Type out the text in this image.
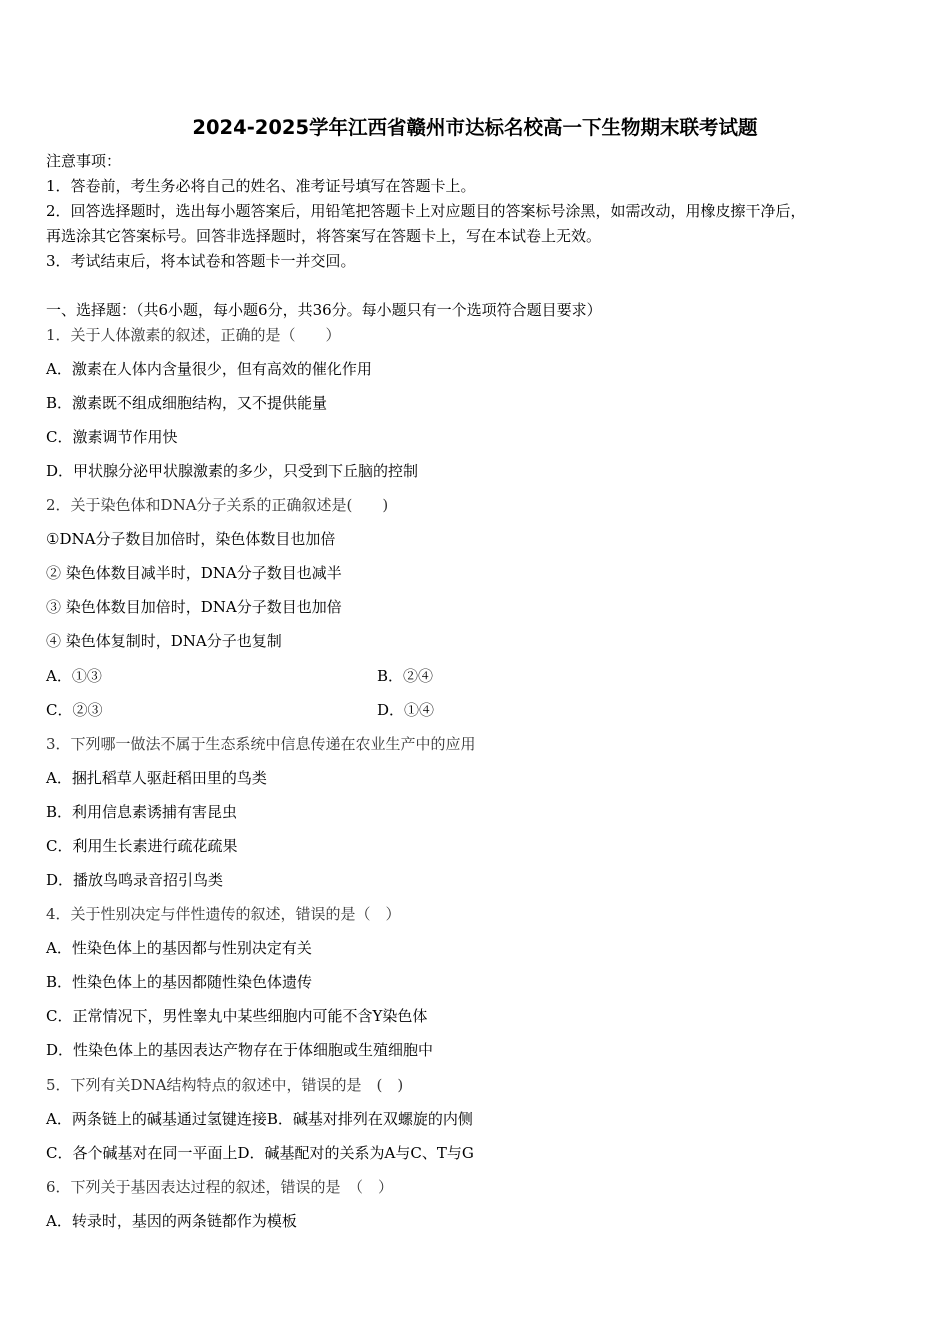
2024-2025学年江西省赣州市达标名校高一下生物期末联考试题
注意事项：
1．答卷前，考生务必将自己的姓名、准考证号填写在答题卡上。
2．回答选择题时，选出每小题答案后，用铅笔把答题卡上对应题目的答案标号涂黑，如需改动，用橡皮擦干净后，
再选涂其它答案标号。回答非选择题时，将答案写在答题卡上，写在本试卷上无效。
3．考试结束后，将本试卷和答题卡一并交回。
一、选择题：（共6小题，每小题6分，共36分。每小题只有一个选项符合题目要求）
1．关于人体激素的叙述，正确的是（　　）
A．激素在人体内含量很少，但有高效的催化作用
B．激素既不组成细胞结构，又不提供能量
C．激素调节作用快
D．甲状腺分泌甲状腺激素的多少，只受到下丘脑的控制
2．关于染色体和DNA分子关系的正确叙述是(　　)
①DNA分子数目加倍时，染色体数目也加倍
② 染色体数目减半时，DNA分子数目也减半
③ 染色体数目加倍时，DNA分子数目也加倍
④ 染色体复制时，DNA分子也复制
A．①③	B．②④
C．②③	D．①④
3．下列哪一做法不属于生态系统中信息传递在农业生产中的应用
A．捆扎稻草人驱赶稻田里的鸟类
B．利用信息素诱捕有害昆虫
C．利用生长素进行疏花疏果
D．播放鸟鸣录音招引鸟类
4．关于性别决定与伴性遗传的叙述，错误的是（　）
A．性染色体上的基因都与性别决定有关
B．性染色体上的基因都随性染色体遗传
C．正常情况下，男性睾丸中某些细胞内可能不含Y染色体
D．性染色体上的基因表达产物存在于体细胞或生殖细胞中
5．下列有关DNA结构特点的叙述中，错误的是　(　)
A．两条链上的碱基通过氢键连接B．碱基对排列在双螺旋的内侧
C．各个碱基对在同一平面上D．碱基配对的关系为A与C、T与G
6．下列关于基因表达过程的叙述，错误的是　（　）
A．转录时，基因的两条链都作为模板
